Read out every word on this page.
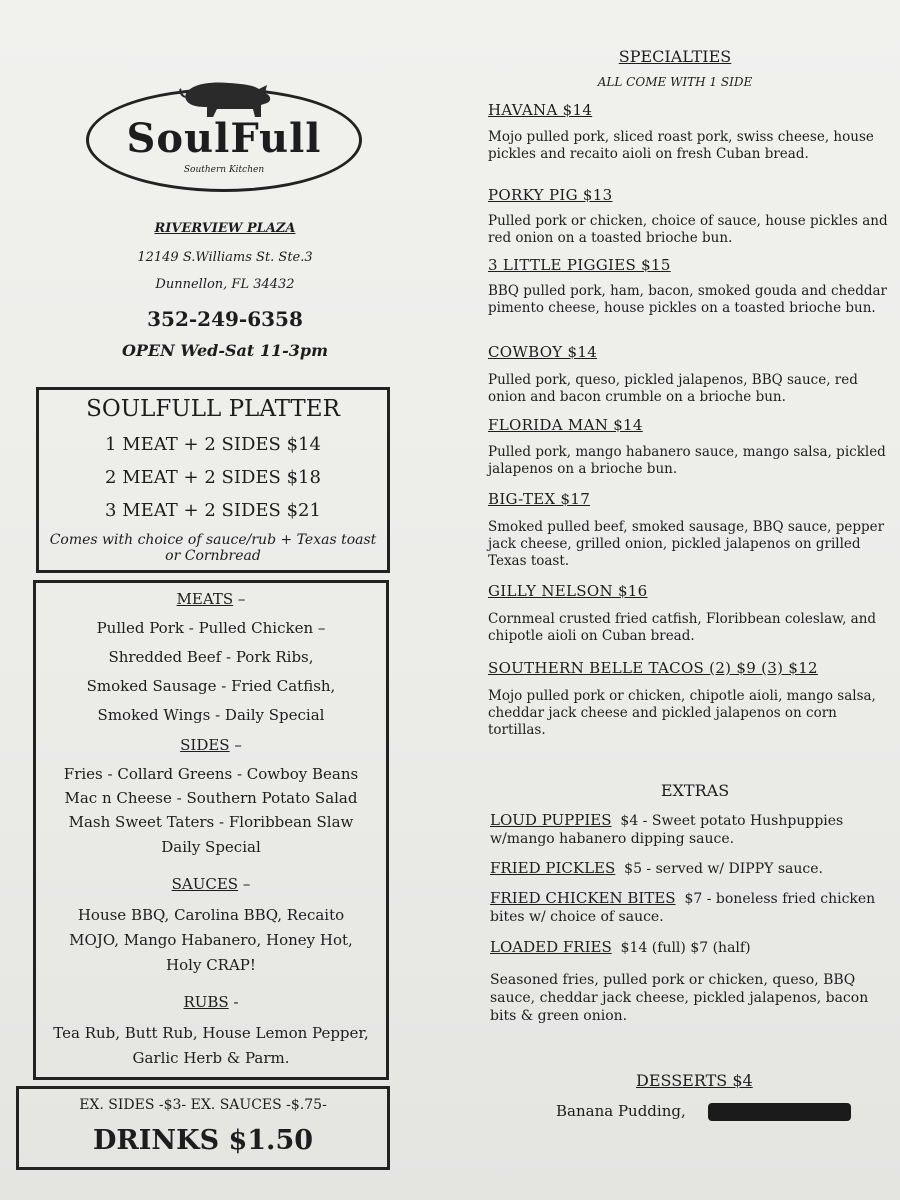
SoulFull
Southern Kitchen
RIVERVIEW PLAZA
12149 S.Williams St. Ste.3
Dunnellon, FL 34432
352-249-6358
OPEN Wed-Sat 11-3pm
SOULFULL PLATTER
1 MEAT + 2 SIDES $14
2 MEAT + 2 SIDES $18
3 MEAT + 2 SIDES $21
Comes with choice of sauce/rub + Texas toast or Cornbread
MEATS –
Pulled Pork - Pulled Chicken –
Shredded Beef - Pork Ribs,
Smoked Sausage - Fried Catfish,
Smoked Wings - Daily Special
SIDES –
Fries - Collard Greens - Cowboy Beans
Mac n Cheese - Southern Potato Salad
Mash Sweet Taters - Floribbean Slaw
Daily Special
SAUCES –
House BBQ, Carolina BBQ, Recaito
MOJO, Mango Habanero, Honey Hot,
Holy CRAP!
RUBS -
Tea Rub, Butt Rub, House Lemon Pepper,
Garlic Herb & Parm.
EX. SIDES -$3- EX. SAUCES -$.75-
DRINKS $1.50
SPECIALTIES
ALL COME WITH 1 SIDE
HAVANA $14
Mojo pulled pork, sliced roast pork, swiss cheese, house pickles and recaito aioli on fresh Cuban bread.
PORKY PIG $13
Pulled pork or chicken, choice of sauce, house pickles and red onion on a toasted brioche bun.
3 LITTLE PIGGIES $15
BBQ pulled pork, ham, bacon, smoked gouda and cheddar pimento cheese, house pickles on a toasted brioche bun.
COWBOY $14
Pulled pork, queso, pickled jalapenos, BBQ sauce, red onion and bacon crumble on a brioche bun.
FLORIDA MAN $14
Pulled pork, mango habanero sauce, mango salsa, pickled jalapenos on a brioche bun.
BIG-TEX $17
Smoked pulled beef, smoked sausage, BBQ sauce, pepper jack cheese, grilled onion, pickled jalapenos on grilled Texas toast.
GILLY NELSON $16
Cornmeal crusted fried catfish, Floribbean coleslaw, and chipotle aioli on Cuban bread.
SOUTHERN BELLE TACOS (2) $9 (3) $12
Mojo pulled pork or chicken, chipotle aioli, mango salsa, cheddar jack cheese and pickled jalapenos on corn tortillas.
EXTRAS
LOUD PUPPIES $4 - Sweet potato Hushpuppies w/mango habanero dipping sauce.
FRIED PICKLES $5 - served w/ DIPPY sauce.
FRIED CHICKEN BITES $7 - boneless fried chicken bites w/ choice of sauce.
LOADED FRIES $14 (full) $7 (half)
Seasoned fries, pulled pork or chicken, queso, BBQ sauce, cheddar jack cheese, pickled jalapenos, bacon bits & green onion.
DESSERTS $4
Banana Pudding,
